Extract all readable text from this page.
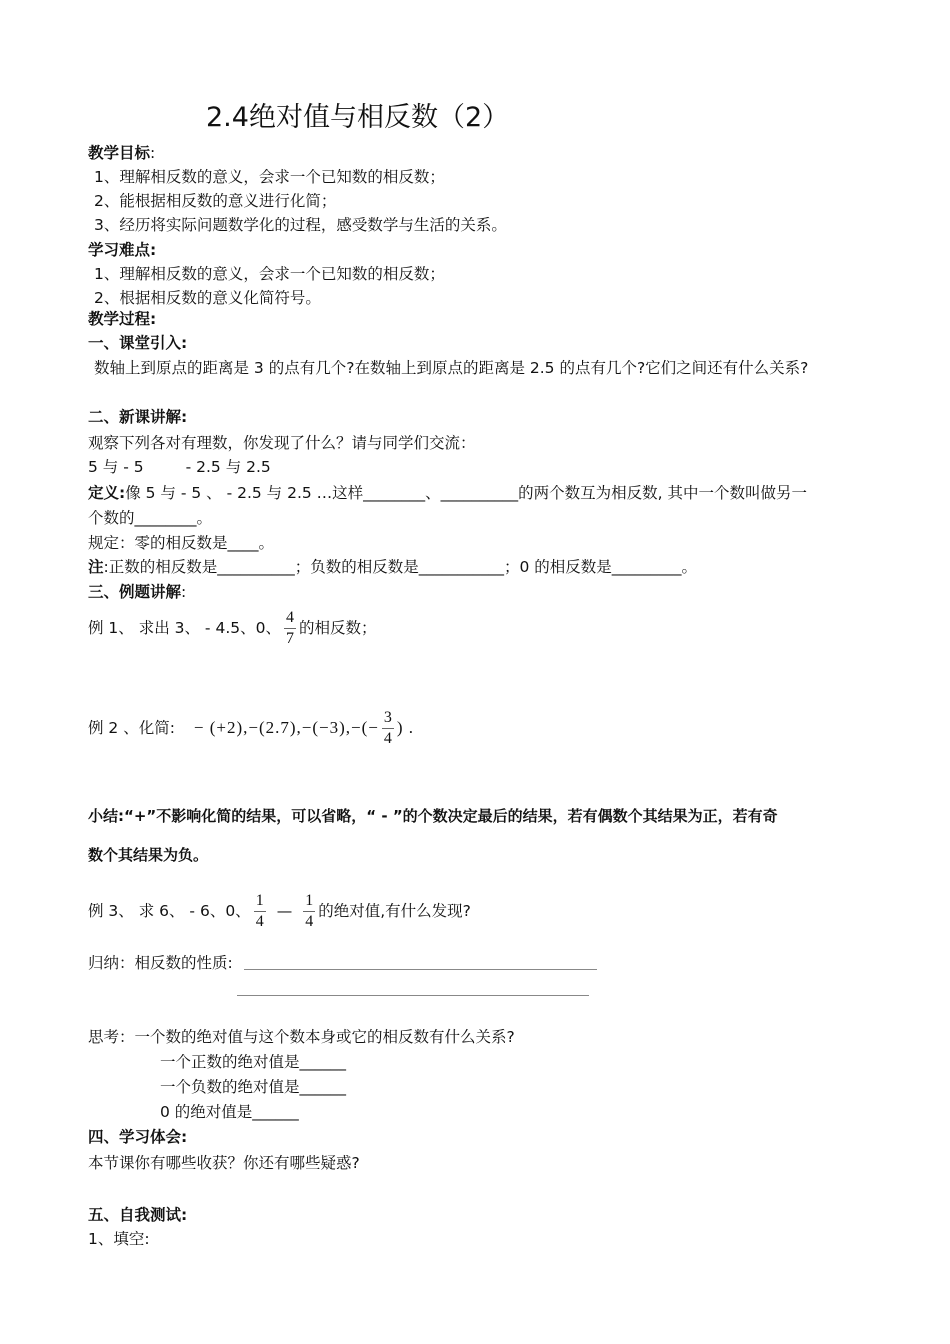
2.4绝对值与相反数（2）
教学目标:
1、理解相反数的意义，会求一个已知数的相反数；
2、能根据相反数的意义进行化简；
3、经历将实际问题数学化的过程，感受数学与生活的关系。
学习难点:
1、理解相反数的意义，会求一个已知数的相反数；
2、根据相反数的意义化简符号。
教学过程:
一、课堂引入:
数轴上到原点的距离是 3 的点有几个?在数轴上到原点的距离是 2.5 的点有几个?它们之间还有什么关系?
二、新课讲解:
观察下列各对有理数，你发现了什么？请与同学们交流：
5 与 - 5	- 2.5 与 2.5
定义:像 5 与 - 5 、 - 2.5 与 2.5 …这样________、__________的两个数互为相反数, 其中一个数叫做另一
个数的________。
规定：零的相反数是____。
注:正数的相反数是__________；负数的相反数是___________；0 的相反数是_________。
三、例题讲解:
例 1、 求出 3、 - 4.5、0、 $\frac{4}{7}$ 的相反数；
例 2 、化简: − $(+2),-(2.7),-(-3),-(- \frac{3}{4}$ ) .
小结:“+”不影响化简的结果，可以省略，“ - ”的个数决定最后的结果，若有偶数个其结果为正，若有奇
数个其结果为负。
例 3、 求 6、 - 6、0、 $\frac{1}{4}$ — $\frac{1}{4}$ 的绝对值,有什么发现?
归纳：相反数的性质:
思考：一个数的绝对值与这个数本身或它的相反数有什么关系?
一个正数的绝对值是______
一个负数的绝对值是______
0 的绝对值是______
四、学习体会:
本节课你有哪些收获？你还有哪些疑惑?
五、自我测试:
1、填空:
